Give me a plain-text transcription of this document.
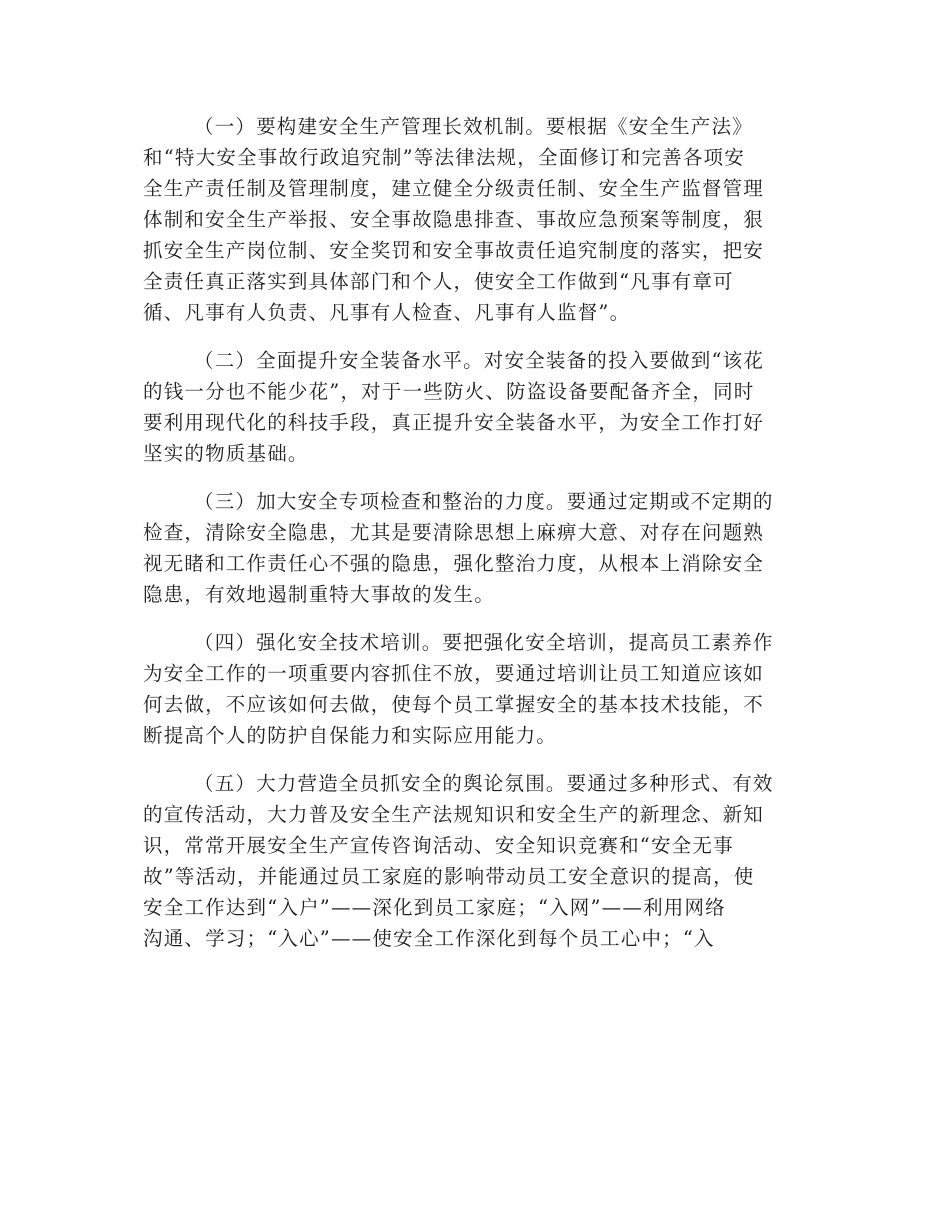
（一）要构建安全生产管理长效机制。要根据《安全生产法》
和“特大安全事故行政追究制”等法律法规，全面修订和完善各项安
全生产责任制及管理制度，建立健全分级责任制、安全生产监督管理
体制和安全生产举报、安全事故隐患排查、事故应急预案等制度，狠
抓安全生产岗位制、安全奖罚和安全事故责任追究制度的落实，把安
全责任真正落实到具体部门和个人，使安全工作做到“凡事有章可
循、凡事有人负责、凡事有人检查、凡事有人监督”。
（二）全面提升安全装备水平。对安全装备的投入要做到“该花
的钱一分也不能少花”，对于一些防火、防盗设备要配备齐全，同时
要利用现代化的科技手段，真正提升安全装备水平，为安全工作打好
坚实的物质基础。
（三）加大安全专项检查和整治的力度。要通过定期或不定期的
检查，清除安全隐患，尤其是要清除思想上麻痹大意、对存在问题熟
视无睹和工作责任心不强的隐患，强化整治力度，从根本上消除安全
隐患，有效地遏制重特大事故的发生。
（四）强化安全技术培训。要把强化安全培训，提高员工素养作
为安全工作的一项重要内容抓住不放，要通过培训让员工知道应该如
何去做，不应该如何去做，使每个员工掌握安全的基本技术技能，不
断提高个人的防护自保能力和实际应用能力。
（五）大力营造全员抓安全的舆论氛围。要通过多种形式、有效
的宣传活动，大力普及安全生产法规知识和安全生产的新理念、新知
识，常常开展安全生产宣传咨询活动、安全知识竞赛和“安全无事
故”等活动，并能通过员工家庭的影响带动员工安全意识的提高，使
安全工作达到“入户”——深化到员工家庭；“入网”——利用网络
沟通、学习；“入心”——使安全工作深化到每个员工心中；“入
